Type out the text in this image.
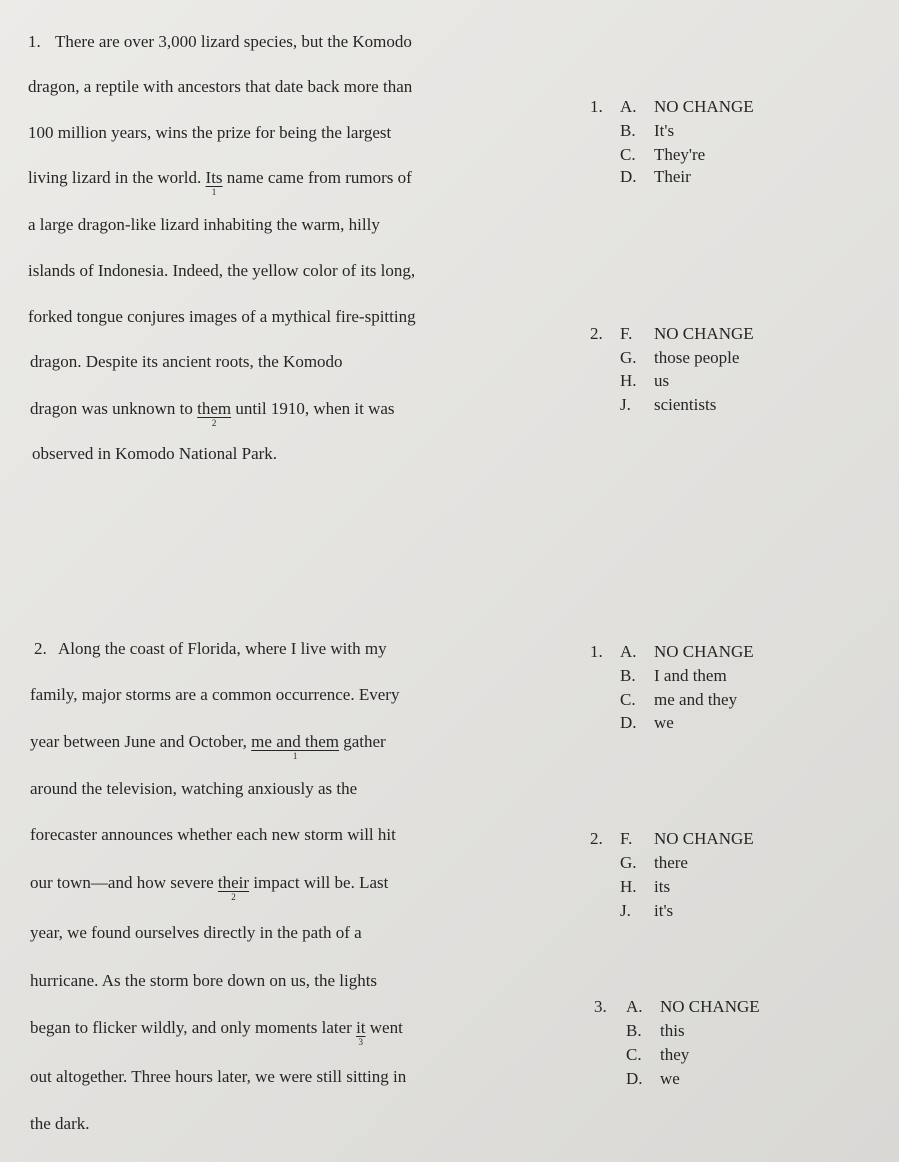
1. There are over 3,000 lizard species, but the Komodo
dragon, a reptile with ancestors that date back more than
100 million years, wins the prize for being the largest
living lizard in the world. Its
1
name came from rumors of
a large dragon-like lizard inhabiting the warm, hilly
islands of Indonesia. Indeed, the yellow color of its long,
forked tongue conjures images of a mythical fire-spitting
dragon. Despite its ancient roots, the Komodo
dragon was unknown to them
2
until 1910, when it was
observed in Komodo National Park.
1. A. NO CHANGE
B. It's
C. They're
D. Their
2. F. NO CHANGE
G. those people
H. us
J. scientists
2. Along the coast of Florida, where I live with my
family, major storms are a common occurrence. Every
year between June and October, me and them
1
gather
around the television, watching anxiously as the
forecaster announces whether each new storm will hit
our town—and how severe their
2
impact will be. Last
year, we found ourselves directly in the path of a
hurricane. As the storm bore down on us, the lights
began to flicker wildly, and only moments later it
3
went
out altogether. Three hours later, we were still sitting in
the dark.
1. A. NO CHANGE
B. I and them
C. me and they
D. we
2. F. NO CHANGE
G. there
H. its
J. it's
3. A. NO CHANGE
B. this
C. they
D. we
